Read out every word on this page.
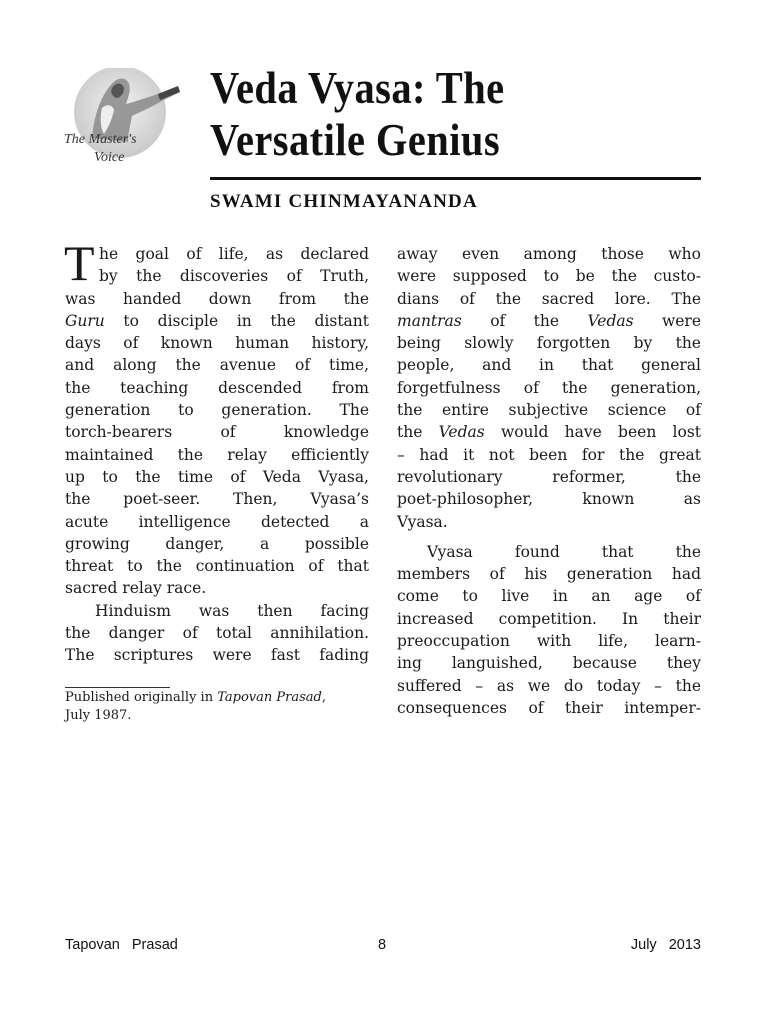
The Master's
Voice
Veda Vyasa: The
Versatile Genius
SWAMI CHINMAYANANDA
T he goal of life, as declared
by the discoveries of Truth,
was handed down from the
Guru to disciple in the distant
days of known human history,
and along the avenue of time,
the teaching descended from
generation to generation. The
torch-bearers of knowledge
maintained the relay efficiently
up to the time of Veda Vyasa,
the poet-seer. Then, Vyasa’s
acute intelligence detected a
growing danger, a possible
threat to the continuation of that
sacred relay race.
Hinduism was then facing
the danger of total annihilation.
The scriptures were fast fading
away even among those who
were supposed to be the custo-
dians of the sacred lore. The
mantras of the Vedas were
being slowly forgotten by the
people, and in that general
forgetfulness of the generation,
the entire subjective science of
the Vedas would have been lost
– had it not been for the great
revolutionary reformer, the
poet-philosopher, known as
Vyasa.
Vyasa found that the
members of his generation had
come to live in an age of
increased competition. In their
preoccupation with life, learn-
ing languished, because they
suffered – as we do today – the
consequences of their intemper-
Published originally in Tapovan Prasad,
July 1987.
Tapovan  Prasad	8	July  2013
